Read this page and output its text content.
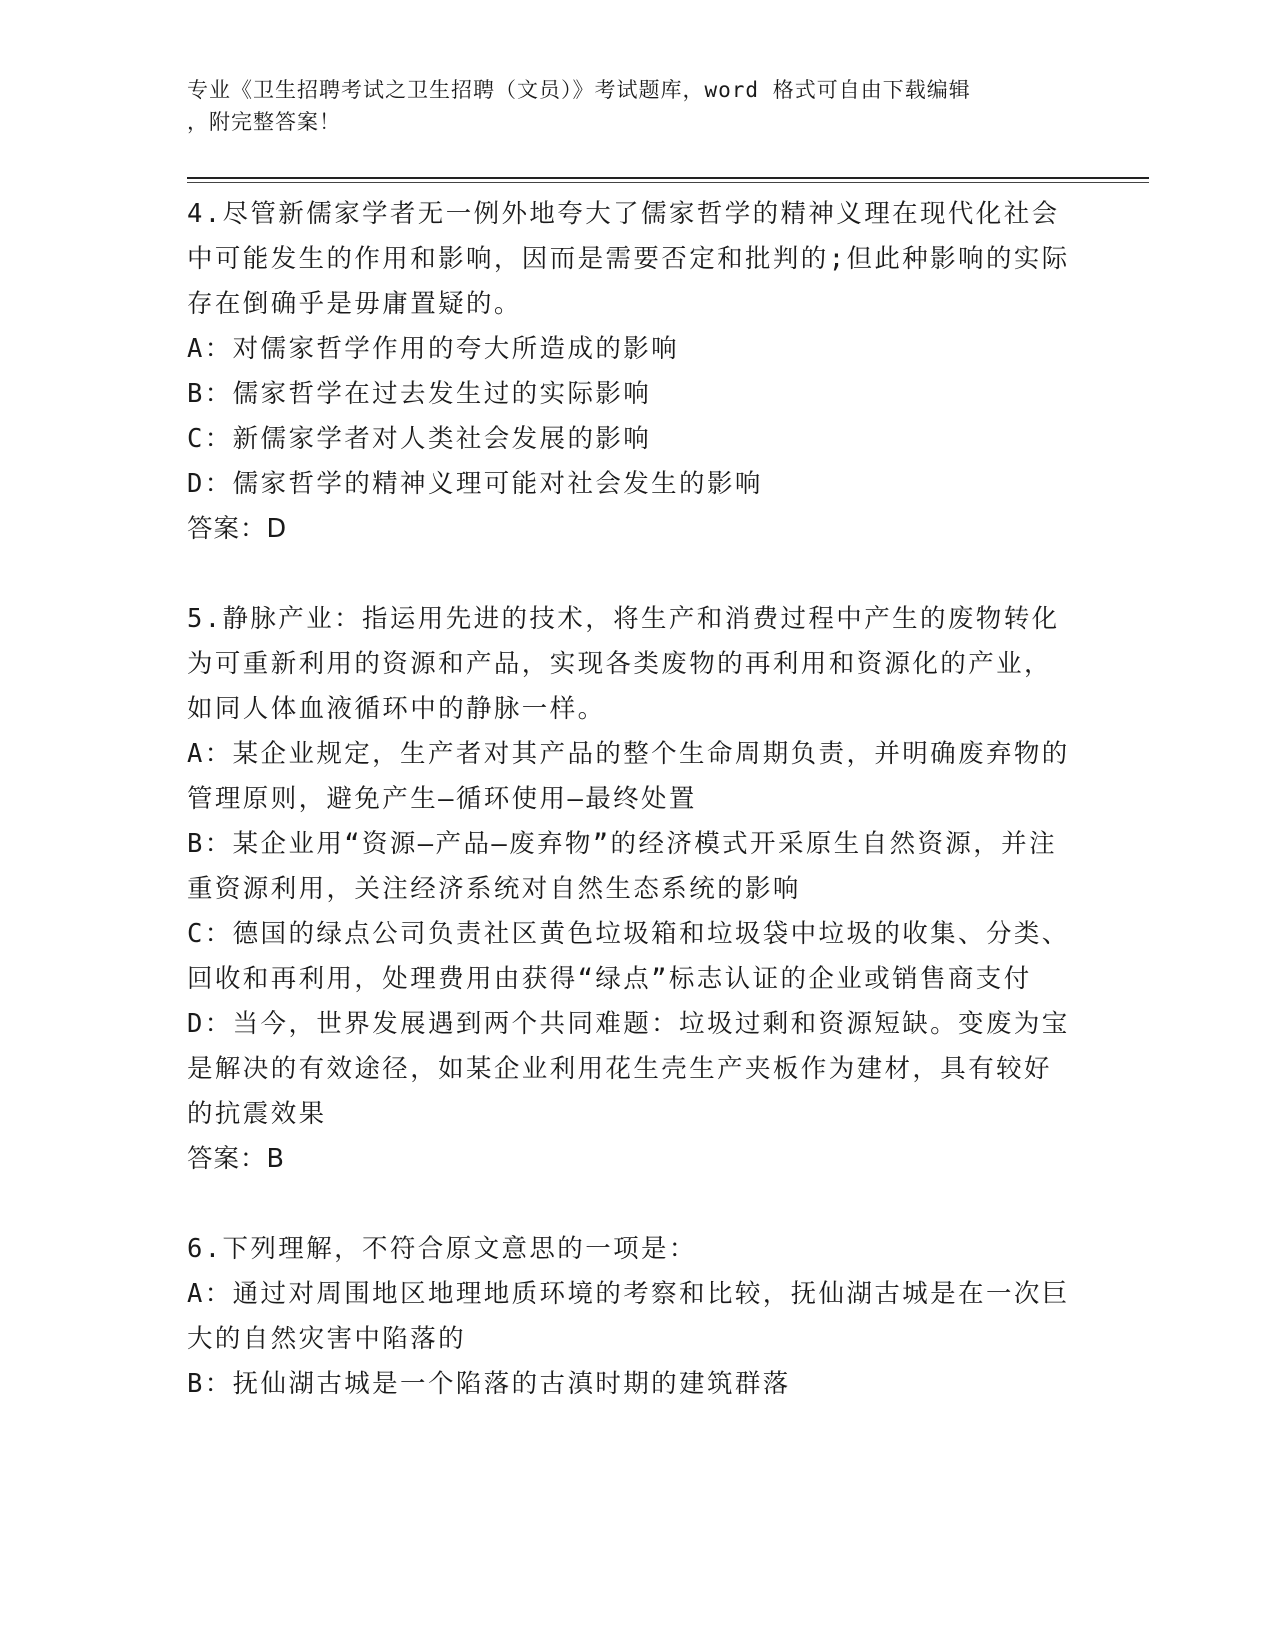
专业《卫生招聘考试之卫生招聘（文员）》考试题库，word 格式可自由下载编辑
，附完整答案！

4.尽管新儒家学者无一例外地夸大了儒家哲学的精神义理在现代化社会中可能发生的作用和影响，因而是需要否定和批判的;但此种影响的实际存在倒确乎是毋庸置疑的。

A：对儒家哲学作用的夸大所造成的影响

B：儒家哲学在过去发生过的实际影响

C：新儒家学者对人类社会发展的影响

D：儒家哲学的精神义理可能对社会发生的影响

答案：D

5.静脉产业：指运用先进的技术，将生产和消费过程中产生的废物转化为可重新利用的资源和产品，实现各类废物的再利用和资源化的产业，如同人体血液循环中的静脉一样。

A：某企业规定，生产者对其产品的整个生命周期负责，并明确废弃物的管理原则，避免产生—循环使用—最终处置

B：某企业用“资源—产品—废弃物”的经济模式开采原生自然资源，并注重资源利用，关注经济系统对自然生态系统的影响

C：德国的绿点公司负责社区黄色垃圾箱和垃圾袋中垃圾的收集、分类、回收和再利用，处理费用由获得“绿点”标志认证的企业或销售商支付

D：当今，世界发展遇到两个共同难题：垃圾过剩和资源短缺。变废为宝是解决的有效途径，如某企业利用花生壳生产夹板作为建材，具有较好的抗震效果

答案：B

6.下列理解，不符合原文意思的一项是：

A：通过对周围地区地理地质环境的考察和比较，抚仙湖古城是在一次巨大的自然灾害中陷落的

B：抚仙湖古城是一个陷落的古滇时期的建筑群落
